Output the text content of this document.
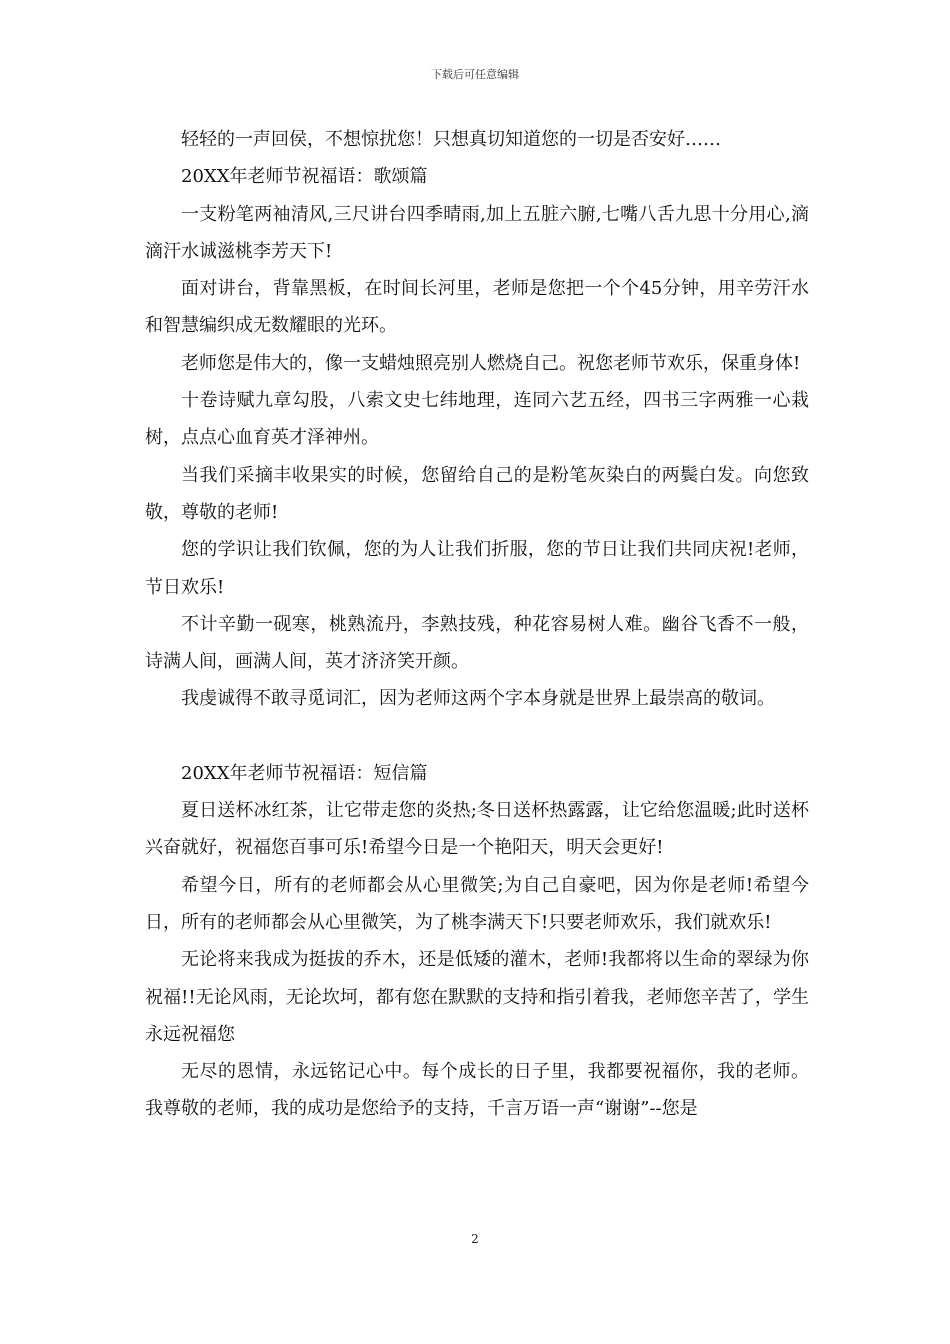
下载后可任意编辑

轻轻的一声回侯，不想惊扰您！只想真切知道您的一切是否安好……

20XX年老师节祝福语：歌颂篇

一支粉笔两袖清风,三尺讲台四季晴雨,加上五脏六腑,七嘴八舌九思十分用心,滴滴汗水诚滋桃李芳天下!

面对讲台，背靠黑板，在时间长河里，老师是您把一个个45分钟，用辛劳汗水和智慧编织成无数耀眼的光环。

老师您是伟大的，像一支蜡烛照亮别人燃烧自己。祝您老师节欢乐，保重身体!

十卷诗赋九章勾股，八索文史七纬地理，连同六艺五经，四书三字两雅一心栽树，点点心血育英才泽神州。

当我们采摘丰收果实的时候，您留给自己的是粉笔灰染白的两鬓白发。向您致敬，尊敬的老师!

您的学识让我们钦佩，您的为人让我们折服，您的节日让我们共同庆祝!老师，节日欢乐!

不计辛勤一砚寒，桃熟流丹，李熟技残，种花容易树人难。幽谷飞香不一般，诗满人间，画满人间，英才济济笑开颜。

我虔诚得不敢寻觅词汇，因为老师这两个字本身就是世界上最崇高的敬词。

20XX年老师节祝福语：短信篇

夏日送杯冰红茶，让它带走您的炎热;冬日送杯热露露，让它给您温暖;此时送杯兴奋就好，祝福您百事可乐!希望今日是一个艳阳天，明天会更好!

希望今日，所有的老师都会从心里微笑;为自己自豪吧，因为你是老师!希望今日，所有的老师都会从心里微笑，为了桃李满天下!只要老师欢乐，我们就欢乐!

无论将来我成为挺拔的乔木，还是低矮的灌木，老师!我都将以生命的翠绿为你祝福!!无论风雨，无论坎坷，都有您在默默的支持和指引着我，老师您辛苦了，学生永远祝福您

无尽的恩情，永远铭记心中。每个成长的日子里，我都要祝福你，我的老师。我尊敬的老师，我的成功是您给予的支持，千言万语一声“谢谢”--您是

2
